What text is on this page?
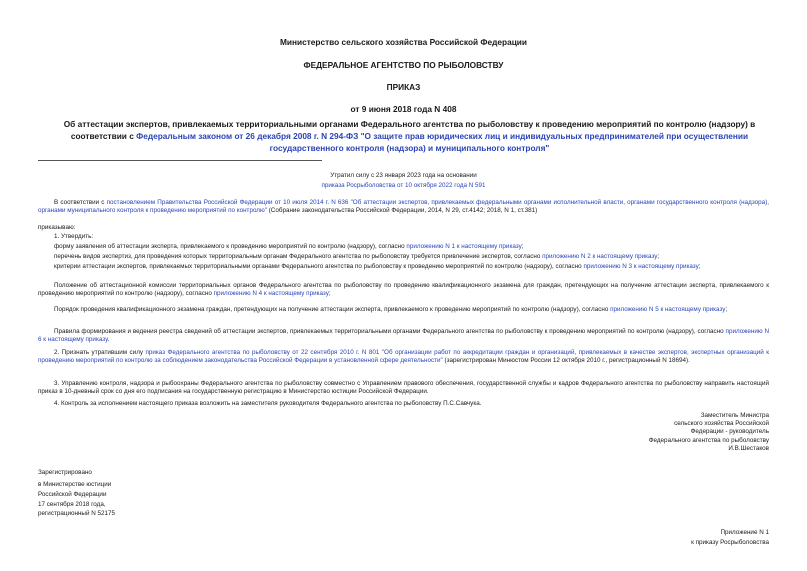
Министерство сельского хозяйства Российской Федерации
ФЕДЕРАЛЬНОЕ АГЕНТСТВО ПО РЫБОЛОВСТВУ
ПРИКАЗ
от 9 июня 2018 года N 408
Об аттестации экспертов, привлекаемых территориальными органами Федерального агентства по рыболовству к проведению мероприятий по контролю (надзору) в соответствии с Федеральным законом от 26 декабря 2008 г. N 294-ФЗ "О защите прав юридических лиц и индивидуальных предпринимателей при осуществлении государственного контроля (надзора) и муниципального контроля"
Утратил силу с 23 января 2023 года на основании
приказа Росрыболовства от 10 октября 2022 года N 591
В соответствии с постановлением Правительства Российской Федерации от 10 июля 2014 г. N 636 "Об аттестации экспертов, привлекаемых федеральными органами исполнительной власти, органами государственного контроля (надзора), органами муниципального контроля к проведению мероприятий по контролю" (Собрание законодательства Российской Федерации, 2014, N 29, ст.4142; 2018, N 1, ст.381)
приказываю:
1. Утвердить:
форму заявления об аттестации эксперта, привлекаемого к проведению мероприятий по контролю (надзору), согласно приложению N 1 к настоящему приказу;
перечень видов экспертиз, для проведения которых территориальным органам Федерального агентства по рыболовству требуется привлечение экспертов, согласно приложению N 2 к настоящему приказу;
критерии аттестации экспертов, привлекаемых территориальными органами Федерального агентства по рыболовству к проведению мероприятий по контролю (надзору), согласно приложению N 3 к настоящему приказу;
Положение об аттестационной комиссии территориальных органов Федерального агентства по рыболовству по проведению квалификационного экзамена для граждан, претендующих на получение аттестации эксперта, привлекаемого к проведению мероприятий по контролю (надзору), согласно приложению N 4 к настоящему приказу;
Порядок проведения квалификационного экзамена граждан, претендующих на получение аттестации эксперта, привлекаемого к проведению мероприятий по контролю (надзору), согласно приложению N 5 к настоящему приказу;
Правила формирования и ведения реестра сведений об аттестации экспертов, привлекаемых территориальными органами Федерального агентства по рыболовству к проведению мероприятий по контролю (надзору), согласно приложению N 6 к настоящему приказу.
2. Признать утратившим силу приказ Федерального агентства по рыболовству от 22 сентября 2010 г. N 801 "Об организации работ по аккредитации граждан и организаций, привлекаемых в качестве экспертов, экспертных организаций к проведению мероприятий по контролю за соблюдением законодательства Российской Федерации в установленной сфере деятельности" (зарегистрирован Минюстом России 12 октября 2010 г., регистрационный N 18694).
3. Управлению контроля, надзора и рыбоохраны Федерального агентства по рыболовству совместно с Управлением правового обеспечения, государственной службы и кадров Федерального агентства по рыболовству направить настоящий приказ в 10-дневный срок со дня его подписания на государственную регистрацию в Министерство юстиции Российской Федерации.
4. Контроль за исполнением настоящего приказа возложить на заместителя руководителя Федерального агентства по рыболовству П.С.Савчука.
Заместитель Министра
сельского хозяйства Российской
Федерации - руководитель
Федерального агентства по рыболовству
И.В.Шестаков
Зарегистрировано
в Министерстве юстиции
Российской Федерации
17 сентября 2018 года,
регистрационный N 52175
Приложение N 1
к приказу Росрыболовства
